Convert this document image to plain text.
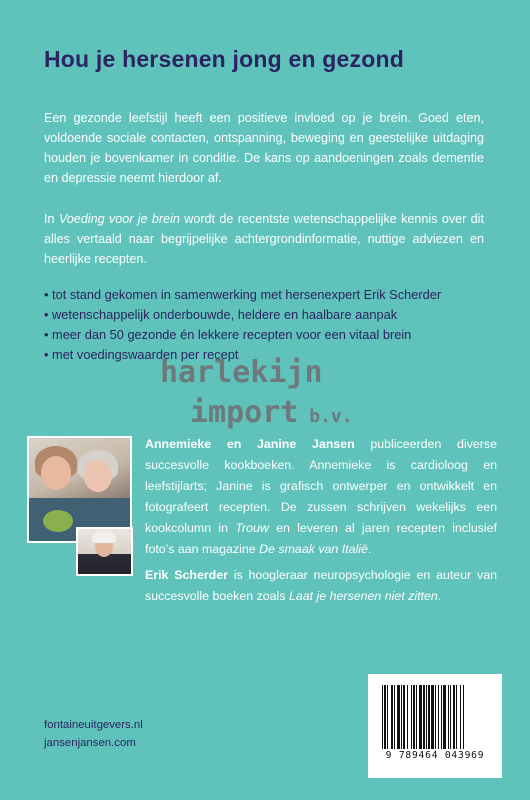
Hou je hersenen jong en gezond
Een gezonde leefstijl heeft een positieve invloed op je brein. Goed eten, voldoende sociale contacten, ontspanning, beweging en geestelijke uitdaging houden je bovenkamer in conditie. De kans op aandoeningen zoals dementie en depressie neemt hierdoor af.
In Voeding voor je brein wordt de recentste wetenschappelijke kennis over dit alles vertaald naar begrijpelijke achtergrondinformatie, nuttige adviezen en heerlijke recepten.
• tot stand gekomen in samenwerking met hersenexpert Erik Scherder
• wetenschappelijk onderbouwde, heldere en haalbare aanpak
• meer dan 50 gezonde én lekkere recepten voor een vitaal brein
• met voedingswaarden per recept
Annemieke en Janine Jansen publiceerden diverse succesvolle kookboeken. Annemieke is cardioloog en leefstijlarts; Janine is grafisch ontwerper en ontwikkelt en fotografeert recepten. De zussen schrijven wekelijks een kookcolumn in Trouw en leveren al jaren recepten inclusief foto’s aan magazine De smaak van Italië.
Erik Scherder is hoogleraar neuropsychologie en auteur van succesvolle boeken zoals Laat je hersenen niet zitten.
harlekijn
import b.v.
fontaineuitgevers.nl
jansenjansen.com
9 789464 043969
